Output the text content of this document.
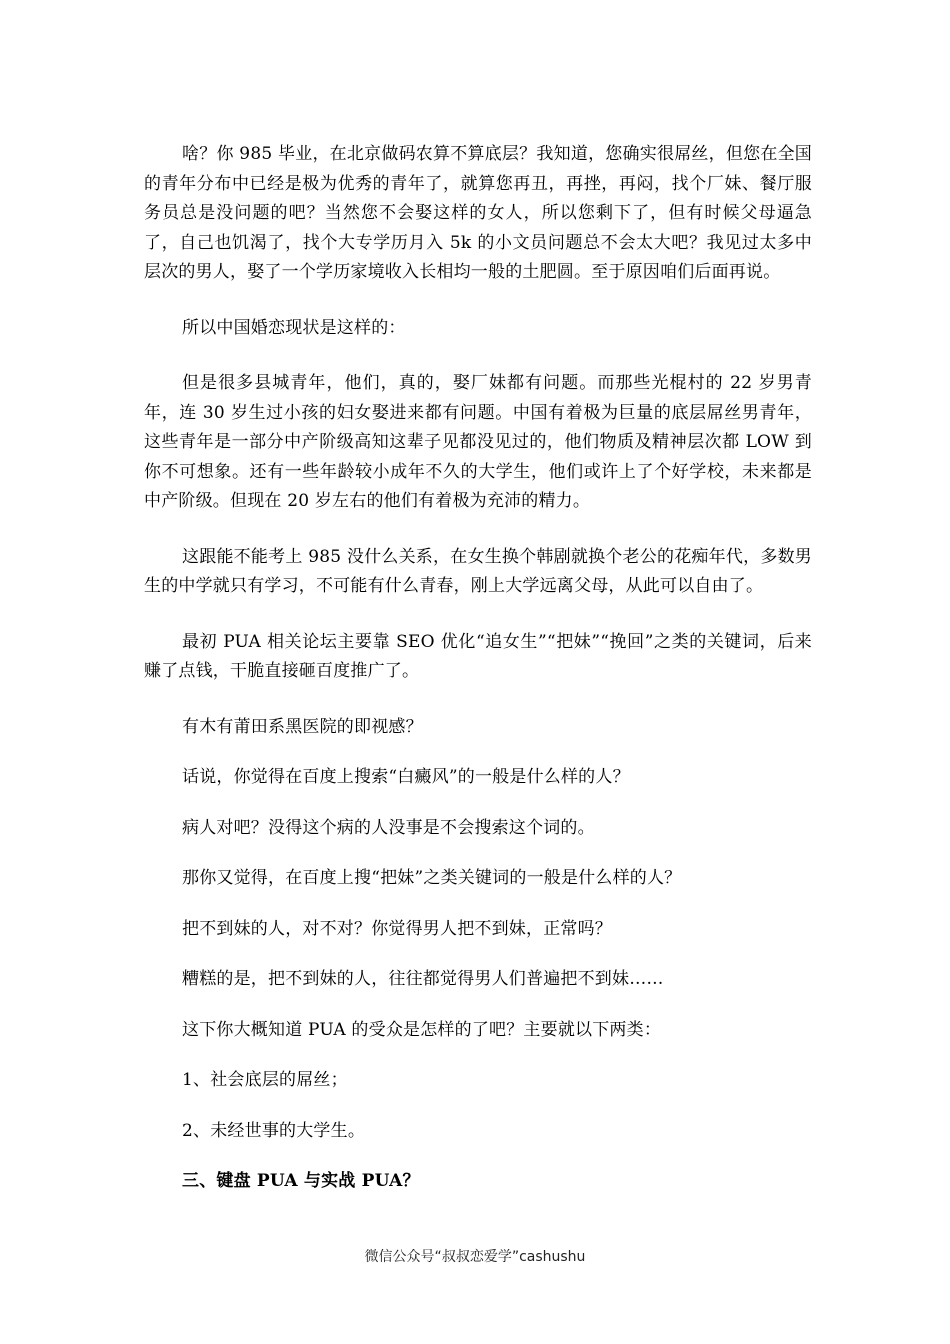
啥？你 985 毕业，在北京做码农算不算底层？我知道，您确实很屌丝，但您在全国的青年分布中已经是极为优秀的青年了，就算您再丑，再挫，再闷，找个厂妹、餐厅服务员总是没问题的吧？当然您不会娶这样的女人，所以您剩下了，但有时候父母逼急了，自己也饥渴了，找个大专学历月入 5k 的小文员问题总不会太大吧？我见过太多中层次的男人，娶了一个学历家境收入长相均一般的土肥圆。至于原因咱们后面再说。

所以中国婚恋现状是这样的：

但是很多县城青年，他们，真的，娶厂妹都有问题。而那些光棍村的 22 岁男青年，连 30 岁生过小孩的妇女娶进来都有问题。中国有着极为巨量的底层屌丝男青年，这些青年是一部分中产阶级高知这辈子见都没见过的，他们物质及精神层次都 LOW 到你不可想象。还有一些年龄较小成年不久的大学生，他们或许上了个好学校，未来都是中产阶级。但现在 20 岁左右的他们有着极为充沛的精力。

这跟能不能考上 985 没什么关系，在女生换个韩剧就换个老公的花痴年代，多数男生的中学就只有学习，不可能有什么青春，刚上大学远离父母，从此可以自由了。

最初 PUA 相关论坛主要靠 SEO 优化“追女生”“把妹”“挽回”之类的关键词，后来赚了点钱，干脆直接砸百度推广了。

有木有莆田系黑医院的即视感？

话说，你觉得在百度上搜索“白癜风”的一般是什么样的人？

病人对吧？没得这个病的人没事是不会搜索这个词的。

那你又觉得，在百度上搜“把妹”之类关键词的一般是什么样的人？

把不到妹的人，对不对？你觉得男人把不到妹，正常吗？

糟糕的是，把不到妹的人，往往都觉得男人们普遍把不到妹……

这下你大概知道 PUA 的受众是怎样的了吧？主要就以下两类：

1、社会底层的屌丝；

2、未经世事的大学生。

三、键盘 PUA 与实战 PUA？

微信公众号“叔叔恋爱学”cashushu
